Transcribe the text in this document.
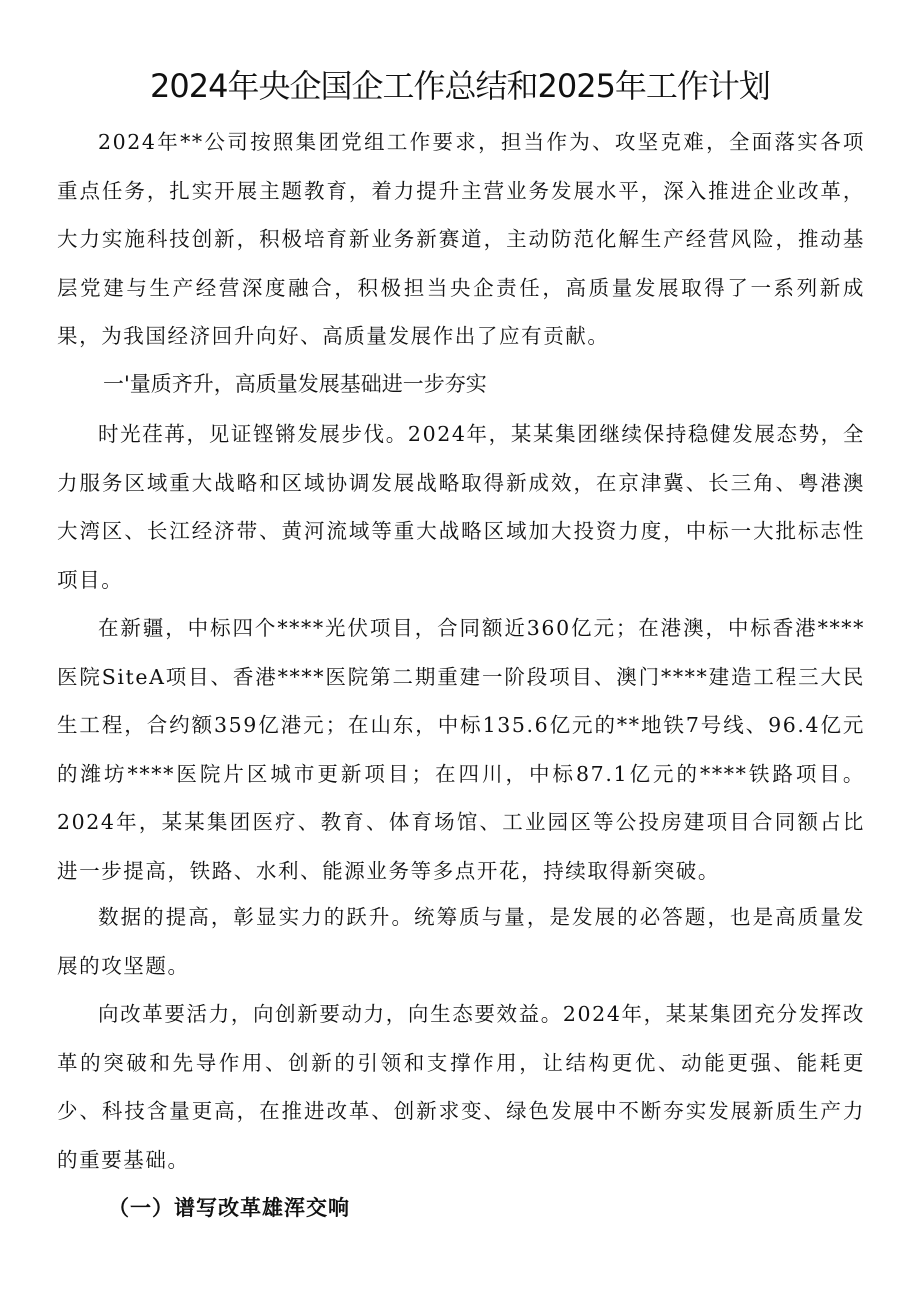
2024年央企国企工作总结和2025年工作计划

2024年**公司按照集团党组工作要求，担当作为、攻坚克难，全面落实各项重点任务，扎实开展主题教育，着力提升主营业务发展水平，深入推进企业改革，大力实施科技创新，积极培育新业务新赛道，主动防范化解生产经营风险，推动基层党建与生产经营深度融合，积极担当央企责任，高质量发展取得了一系列新成果，为我国经济回升向好、高质量发展作出了应有贡献。

一'量质齐升，高质量发展基础进一步夯实

时光荏苒，见证铿锵发展步伐。2024年，某某集团继续保持稳健发展态势，全力服务区域重大战略和区域协调发展战略取得新成效，在京津冀、长三角、粤港澳大湾区、长江经济带、黄河流域等重大战略区域加大投资力度，中标一大批标志性项目。

在新疆，中标四个****光伏项目，合同额近360亿元；在港澳，中标香港****医院SiteA项目、香港****医院第二期重建一阶段项目、澳门****建造工程三大民生工程，合约额359亿港元；在山东，中标135.6亿元的**地铁7号线、96.4亿元的潍坊****医院片区城市更新项目；在四川，中标87.1亿元的****铁路项目。2024年，某某集团医疗、教育、体育场馆、工业园区等公投房建项目合同额占比进一步提高，铁路、水利、能源业务等多点开花，持续取得新突破。

数据的提高，彰显实力的跃升。统筹质与量，是发展的必答题，也是高质量发展的攻坚题。

向改革要活力，向创新要动力，向生态要效益。2024年，某某集团充分发挥改革的突破和先导作用、创新的引领和支撑作用，让结构更优、动能更强、能耗更少、科技含量更高，在推进改革、创新求变、绿色发展中不断夯实发展新质生产力的重要基础。

（一）谱写改革雄浑交响
